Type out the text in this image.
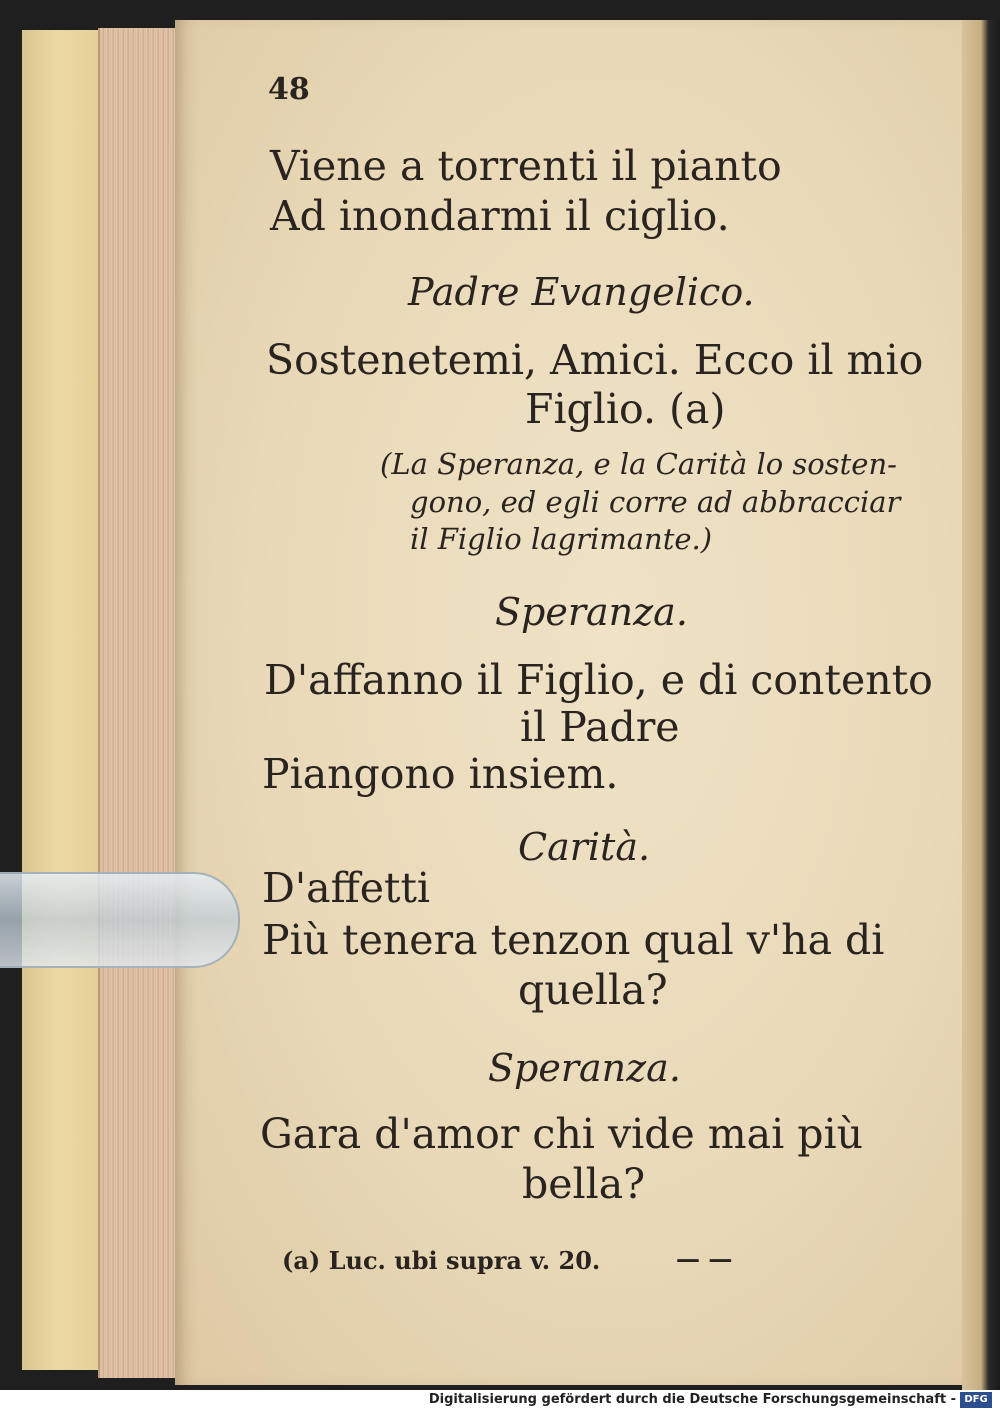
48
Viene a torrenti il pianto
Ad inondarmi il ciglio.
Padre Evangelico.
Sostenetemi, Amici. Ecco il mio
Figlio. (a)
(La Speranza, e la Carità lo sosten-
gono, ed egli corre ad abbracciar
il Figlio lagrimante.)
Speranza.
D'affanno il Figlio, e di contento
il Padre
Piangono insiem.
Carità.
D'affetti
Più tenera tenzon qual v'ha di
quella?
Speranza.
Gara d'amor chi vide mai più
bella?
(a) Luc. ubi supra v. 20.	— —
Digitalisierung gefördert durch die Deutsche Forschungsgemeinschaft - DFG
